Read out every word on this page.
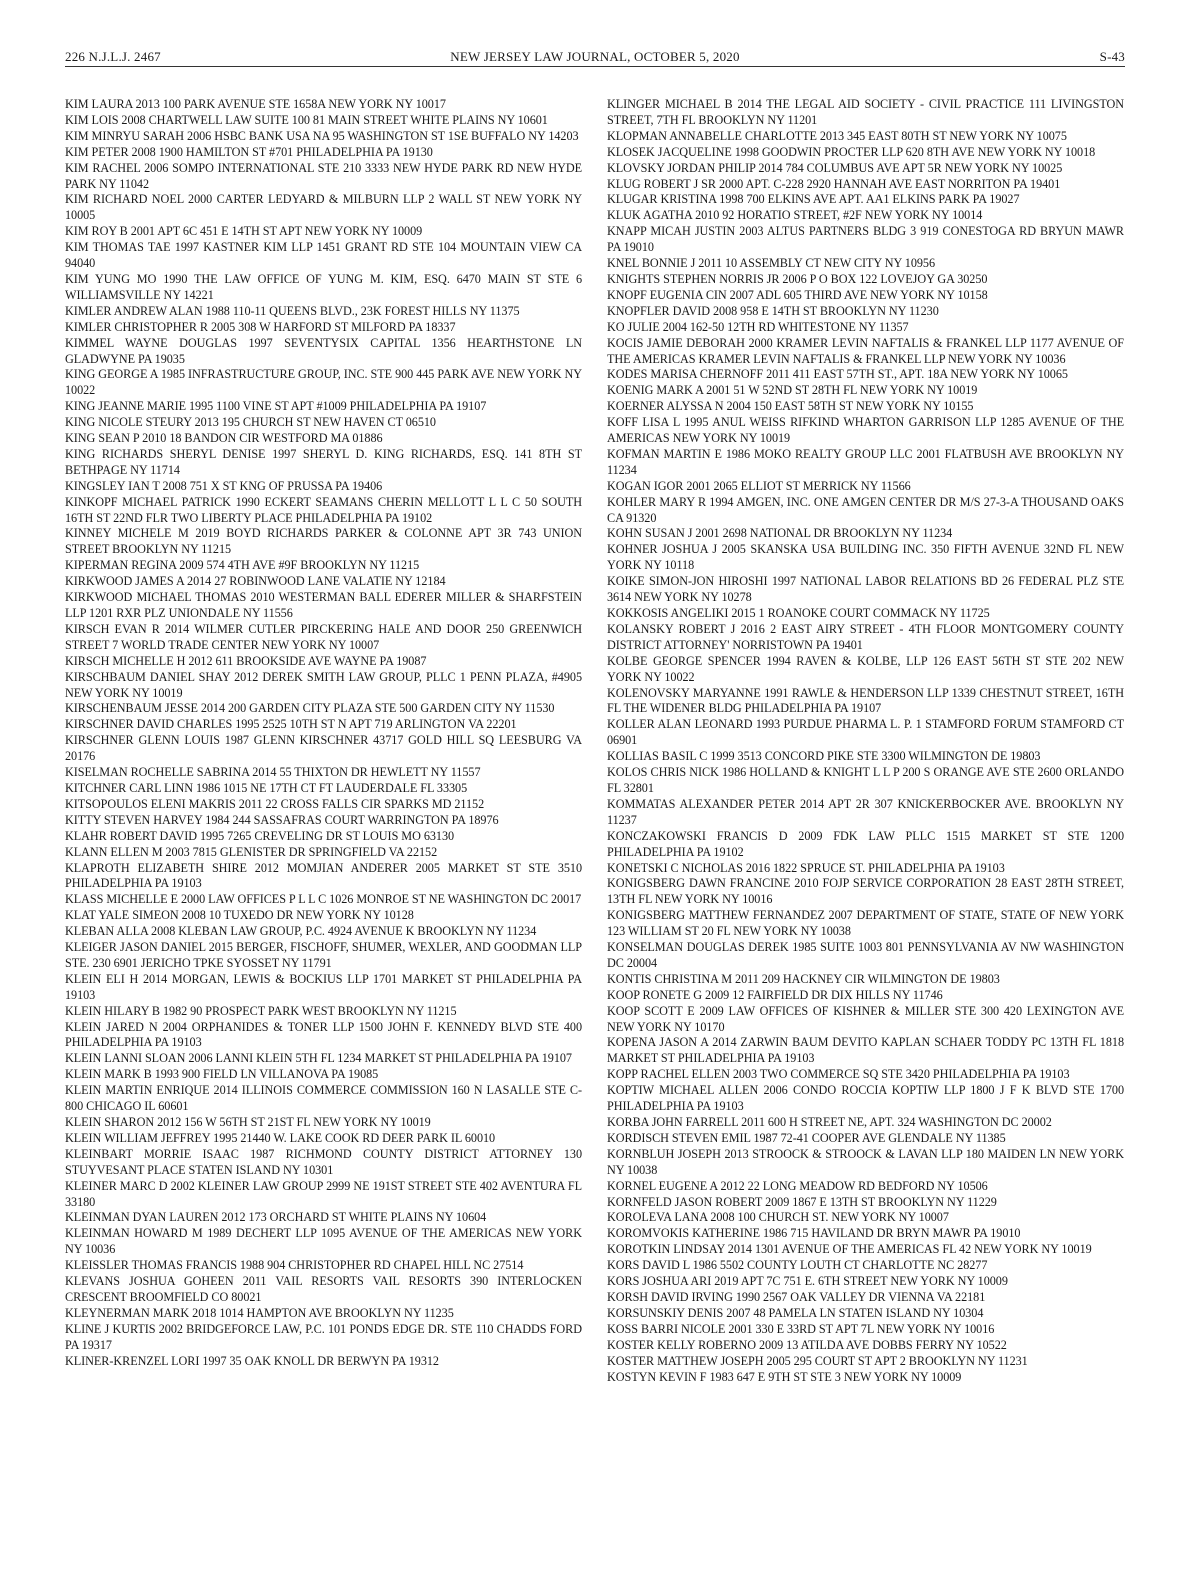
226 N.J.L.J. 2467	NEW JERSEY LAW JOURNAL, OCTOBER 5, 2020	S-43

KIM LAURA 2013 100 PARK AVENUE STE 1658A NEW YORK NY 10017

KIM LOIS 2008 CHARTWELL LAW SUITE 100 81 MAIN STREET WHITE PLAINS NY 10601

KIM MINRYU SARAH 2006 HSBC BANK USA NA 95 WASHINGTON ST 1SE BUFFALO NY 14203

KIM PETER 2008 1900 HAMILTON ST #701 PHILADELPHIA PA 19130

KIM RACHEL 2006 SOMPO INTERNATIONAL STE 210 3333 NEW HYDE PARK RD NEW HYDE PARK NY 11042

KIM RICHARD NOEL 2000 CARTER LEDYARD & MILBURN LLP 2 WALL ST NEW YORK NY 10005

KIM ROY B 2001 APT 6C 451 E 14TH ST APT NEW YORK NY 10009

KIM THOMAS TAE 1997 KASTNER KIM LLP 1451 GRANT RD STE 104 MOUNTAIN VIEW CA 94040

KIM YUNG MO 1990 THE LAW OFFICE OF YUNG M. KIM, ESQ. 6470 MAIN ST STE 6 WILLIAMSVILLE NY 14221

KIMLER ANDREW ALAN 1988 110-11 QUEENS BLVD., 23K FOREST HILLS NY 11375

KIMLER CHRISTOPHER R 2005 308 W HARFORD ST MILFORD PA 18337

KIMMEL WAYNE DOUGLAS 1997 SEVENTYSIX CAPITAL 1356 HEARTHSTONE LN GLADWYNE PA 19035

KING GEORGE A 1985 INFRASTRUCTURE GROUP, INC. STE 900 445 PARK AVE NEW YORK NY 10022

KING JEANNE MARIE 1995 1100 VINE ST APT #1009 PHILADELPHIA PA 19107

KING NICOLE STEURY 2013 195 CHURCH ST NEW HAVEN CT 06510

KING SEAN P 2010 18 BANDON CIR WESTFORD MA 01886

KING RICHARDS SHERYL DENISE 1997 SHERYL D. KING RICHARDS, ESQ. 141 8TH ST BETHPAGE NY 11714

KINGSLEY IAN T 2008 751 X ST KNG OF PRUSSA PA 19406

KINKOPF MICHAEL PATRICK 1990 ECKERT SEAMANS CHERIN MELLOTT L L C 50 SOUTH 16TH ST 22ND FLR TWO LIBERTY PLACE PHILADELPHIA PA 19102

KINNEY MICHELE M 2019 BOYD RICHARDS PARKER & COLONNE APT 3R 743 UNION STREET BROOKLYN NY 11215

KIPERMAN REGINA 2009 574 4TH AVE #9F BROOKLYN NY 11215

KIRKWOOD JAMES A 2014 27 ROBINWOOD LANE VALATIE NY 12184

KIRKWOOD MICHAEL THOMAS 2010 WESTERMAN BALL EDERER MILLER & SHARFSTEIN LLP 1201 RXR PLZ UNIONDALE NY 11556

KIRSCH EVAN R 2014 WILMER CUTLER PIRCKERING HALE AND DOOR 250 GREENWICH STREET 7 WORLD TRADE CENTER NEW YORK NY 10007

KIRSCH MICHELLE H 2012 611 BROOKSIDE AVE WAYNE PA 19087

KIRSCHBAUM DANIEL SHAY 2012 DEREK SMITH LAW GROUP, PLLC 1 PENN PLAZA, #4905 NEW YORK NY 10019

KIRSCHENBAUM JESSE 2014 200 GARDEN CITY PLAZA STE 500 GARDEN CITY NY 11530

KIRSCHNER DAVID CHARLES 1995 2525 10TH ST N APT 719 ARLINGTON VA 22201

KIRSCHNER GLENN LOUIS 1987 GLENN KIRSCHNER 43717 GOLD HILL SQ LEESBURG VA 20176

KISELMAN ROCHELLE SABRINA 2014 55 THIXTON DR HEWLETT NY 11557

KITCHNER CARL LINN 1986 1015 NE 17TH CT FT LAUDERDALE FL 33305

KITSOPOULOS ELENI MAKRIS 2011 22 CROSS FALLS CIR SPARKS MD 21152

KITTY STEVEN HARVEY 1984 244 SASSAFRAS COURT WARRINGTON PA 18976

KLAHR ROBERT DAVID 1995 7265 CREVELING DR ST LOUIS MO 63130

KLANN ELLEN M 2003 7815 GLENISTER DR SPRINGFIELD VA 22152

KLAPROTH ELIZABETH SHIRE 2012 MOMJIAN ANDERER 2005 MARKET ST STE 3510 PHILADELPHIA PA 19103

KLASS MICHELLE E 2000 LAW OFFICES P L L C 1026 MONROE ST NE WASHINGTON DC 20017

KLAT YALE SIMEON 2008 10 TUXEDO DR NEW YORK NY 10128

KLEBAN ALLA 2008 KLEBAN LAW GROUP, P.C. 4924 AVENUE K BROOKLYN NY 11234

KLEIGER JASON DANIEL 2015 BERGER, FISCHOFF, SHUMER, WEXLER, AND GOODMAN LLP STE. 230 6901 JERICHO TPKE SYOSSET NY 11791

KLEIN ELI H 2014 MORGAN, LEWIS & BOCKIUS LLP 1701 MARKET ST PHILADELPHIA PA 19103

KLEIN HILARY B 1982 90 PROSPECT PARK WEST BROOKLYN NY 11215

KLEIN JARED N 2004 ORPHANIDES & TONER LLP 1500 JOHN F. KENNEDY BLVD STE 400 PHILADELPHIA PA 19103

KLEIN LANNI SLOAN 2006 LANNI KLEIN 5TH FL 1234 MARKET ST PHILADELPHIA PA 19107

KLEIN MARK B 1993 900 FIELD LN VILLANOVA PA 19085

KLEIN MARTIN ENRIQUE 2014 ILLINOIS COMMERCE COMMISSION 160 N LASALLE STE C-800 CHICAGO IL 60601

KLEIN SHARON 2012 156 W 56TH ST 21ST FL NEW YORK NY 10019

KLEIN WILLIAM JEFFREY 1995 21440 W. LAKE COOK RD DEER PARK IL 60010

KLEINBART MORRIE ISAAC 1987 RICHMOND COUNTY DISTRICT ATTORNEY 130 STUYVESANT PLACE STATEN ISLAND NY 10301

KLEINER MARC D 2002 KLEINER LAW GROUP 2999 NE 191ST STREET STE 402 AVENTURA FL 33180

KLEINMAN DYAN LAUREN 2012 173 ORCHARD ST WHITE PLAINS NY 10604

KLEINMAN HOWARD M 1989 DECHERT LLP 1095 AVENUE OF THE AMERICAS NEW YORK NY 10036

KLEISSLER THOMAS FRANCIS 1988 904 CHRISTOPHER RD CHAPEL HILL NC 27514

KLEVANS JOSHUA GOHEEN 2011 VAIL RESORTS VAIL RESORTS 390 INTERLOCKEN CRESCENT BROOMFIELD CO 80021

KLEYNERMAN MARK 2018 1014 HAMPTON AVE BROOKLYN NY 11235

KLINE J KURTIS 2002 BRIDGEFORCE LAW, P.C. 101 PONDS EDGE DR. STE 110 CHADDS FORD PA 19317

KLINER-KRENZEL LORI 1997 35 OAK KNOLL DR BERWYN PA 19312

KLINGER MICHAEL B 2014 THE LEGAL AID SOCIETY - CIVIL PRACTICE 111 LIVINGSTON STREET, 7TH FL BROOKLYN NY 11201

KLOPMAN ANNABELLE CHARLOTTE 2013 345 EAST 80TH ST NEW YORK NY 10075

KLOSEK JACQUELINE 1998 GOODWIN PROCTER LLP 620 8TH AVE NEW YORK NY 10018

KLOVSKY JORDAN PHILIP 2014 784 COLUMBUS AVE APT 5R NEW YORK NY 10025

KLUG ROBERT J SR 2000 APT. C-228 2920 HANNAH AVE EAST NORRITON PA 19401

KLUGAR KRISTINA 1998 700 ELKINS AVE APT. AA1 ELKINS PARK PA 19027

KLUK AGATHA 2010 92 HORATIO STREET, #2F NEW YORK NY 10014

KNAPP MICAH JUSTIN 2003 ALTUS PARTNERS BLDG 3 919 CONESTOGA RD BRYUN MAWR PA 19010

KNEL BONNIE J 2011 10 ASSEMBLY CT NEW CITY NY 10956

KNIGHTS STEPHEN NORRIS JR 2006 P O BOX 122 LOVEJOY GA 30250

KNOPF EUGENIA CIN 2007 ADL 605 THIRD AVE NEW YORK NY 10158

KNOPFLER DAVID 2008 958 E 14TH ST BROOKLYN NY 11230

KO JULIE 2004 162-50 12TH RD WHITESTONE NY 11357

KOCIS JAMIE DEBORAH 2000 KRAMER LEVIN NAFTALIS & FRANKEL LLP 1177 AVENUE OF THE AMERICAS KRAMER LEVIN NAFTALIS & FRANKEL LLP NEW YORK NY 10036

KODES MARISA CHERNOFF 2011 411 EAST 57TH ST., APT. 18A NEW YORK NY 10065

KOENIG MARK A 2001 51 W 52ND ST 28TH FL NEW YORK NY 10019

KOERNER ALYSSA N 2004 150 EAST 58TH ST NEW YORK NY 10155

KOFF LISA L 1995 ANUL WEISS RIFKIND WHARTON GARRISON LLP 1285 AVENUE OF THE AMERICAS NEW YORK NY 10019

KOFMAN MARTIN E 1986 MOKO REALTY GROUP LLC 2001 FLATBUSH AVE BROOKLYN NY 11234

KOGAN IGOR 2001 2065 ELLIOT ST MERRICK NY 11566

KOHLER MARY R 1994 AMGEN, INC. ONE AMGEN CENTER DR M/S 27-3-A THOUSAND OAKS CA 91320

KOHN SUSAN J 2001 2698 NATIONAL DR BROOKLYN NY 11234

KOHNER JOSHUA J 2005 SKANSKA USA BUILDING INC. 350 FIFTH AVENUE 32ND FL NEW YORK NY 10118

KOIKE SIMON-JON HIROSHI 1997 NATIONAL LABOR RELATIONS BD 26 FEDERAL PLZ STE 3614 NEW YORK NY 10278

KOKKOSIS ANGELIKI 2015 1 ROANOKE COURT COMMACK NY 11725

KOLANSKY ROBERT J 2016 2 EAST AIRY STREET - 4TH FLOOR MONTGOMERY COUNTY DISTRICT ATTORNEY' NORRISTOWN PA 19401

KOLBE GEORGE SPENCER 1994 RAVEN & KOLBE, LLP 126 EAST 56TH ST STE 202 NEW YORK NY 10022

KOLENOVSKY MARYANNE 1991 RAWLE & HENDERSON LLP 1339 CHESTNUT STREET, 16TH FL THE WIDENER BLDG PHILADELPHIA PA 19107

KOLLER ALAN LEONARD 1993 PURDUE PHARMA L. P. 1 STAMFORD FORUM STAMFORD CT 06901

KOLLIAS BASIL C 1999 3513 CONCORD PIKE STE 3300 WILMINGTON DE 19803

KOLOS CHRIS NICK 1986 HOLLAND & KNIGHT L L P 200 S ORANGE AVE STE 2600 ORLANDO FL 32801

KOMMATAS ALEXANDER PETER 2014 APT 2R 307 KNICKERBOCKER AVE. BROOKLYN NY 11237

KONCZAKOWSKI FRANCIS D 2009 FDK LAW PLLC 1515 MARKET ST STE 1200 PHILADELPHIA PA 19102

KONETSKI C NICHOLAS 2016 1822 SPRUCE ST. PHILADELPHIA PA 19103

KONIGSBERG DAWN FRANCINE 2010 FOJP SERVICE CORPORATION 28 EAST 28TH STREET, 13TH FL NEW YORK NY 10016

KONIGSBERG MATTHEW FERNANDEZ 2007 DEPARTMENT OF STATE, STATE OF NEW YORK 123 WILLIAM ST 20 FL NEW YORK NY 10038

KONSELMAN DOUGLAS DEREK 1985 SUITE 1003 801 PENNSYLVANIA AV NW WASHINGTON DC 20004

KONTIS CHRISTINA M 2011 209 HACKNEY CIR WILMINGTON DE 19803

KOOP RONETE G 2009 12 FAIRFIELD DR DIX HILLS NY 11746

KOOP SCOTT E 2009 LAW OFFICES OF KISHNER & MILLER STE 300 420 LEXINGTON AVE NEW YORK NY 10170

KOPENA JASON A 2014 ZARWIN BAUM DEVITO KAPLAN SCHAER TODDY PC 13TH FL 1818 MARKET ST PHILADELPHIA PA 19103

KOPP RACHEL ELLEN 2003 TWO COMMERCE SQ STE 3420 PHILADELPHIA PA 19103

KOPTIW MICHAEL ALLEN 2006 CONDO ROCCIA KOPTIW LLP 1800 J F K BLVD STE 1700 PHILADELPHIA PA 19103

KORBA JOHN FARRELL 2011 600 H STREET NE, APT. 324 WASHINGTON DC 20002

KORDISCH STEVEN EMIL 1987 72-41 COOPER AVE GLENDALE NY 11385

KORNBLUH JOSEPH 2013 STROOCK & STROOCK & LAVAN LLP 180 MAIDEN LN NEW YORK NY 10038

KORNEL EUGENE A 2012 22 LONG MEADOW RD BEDFORD NY 10506

KORNFELD JASON ROBERT 2009 1867 E 13TH ST BROOKLYN NY 11229

KOROLEVA LANA 2008 100 CHURCH ST. NEW YORK NY 10007

KOROMVOKIS KATHERINE 1986 715 HAVILAND DR BRYN MAWR PA 19010

KOROTKIN LINDSAY 2014 1301 AVENUE OF THE AMERICAS FL 42 NEW YORK NY 10019

KORS DAVID L 1986 5502 COUNTY LOUTH CT CHARLOTTE NC 28277

KORS JOSHUA ARI 2019 APT 7C 751 E. 6TH STREET NEW YORK NY 10009

KORSH DAVID IRVING 1990 2567 OAK VALLEY DR VIENNA VA 22181

KORSUNSKIY DENIS 2007 48 PAMELA LN STATEN ISLAND NY 10304

KOSS BARRI NICOLE 2001 330 E 33RD ST APT 7L NEW YORK NY 10016

KOSTER KELLY ROBERNO 2009 13 ATILDA AVE DOBBS FERRY NY 10522

KOSTER MATTHEW JOSEPH 2005 295 COURT ST APT 2 BROOKLYN NY 11231

KOSTYN KEVIN F 1983 647 E 9TH ST STE 3 NEW YORK NY 10009
